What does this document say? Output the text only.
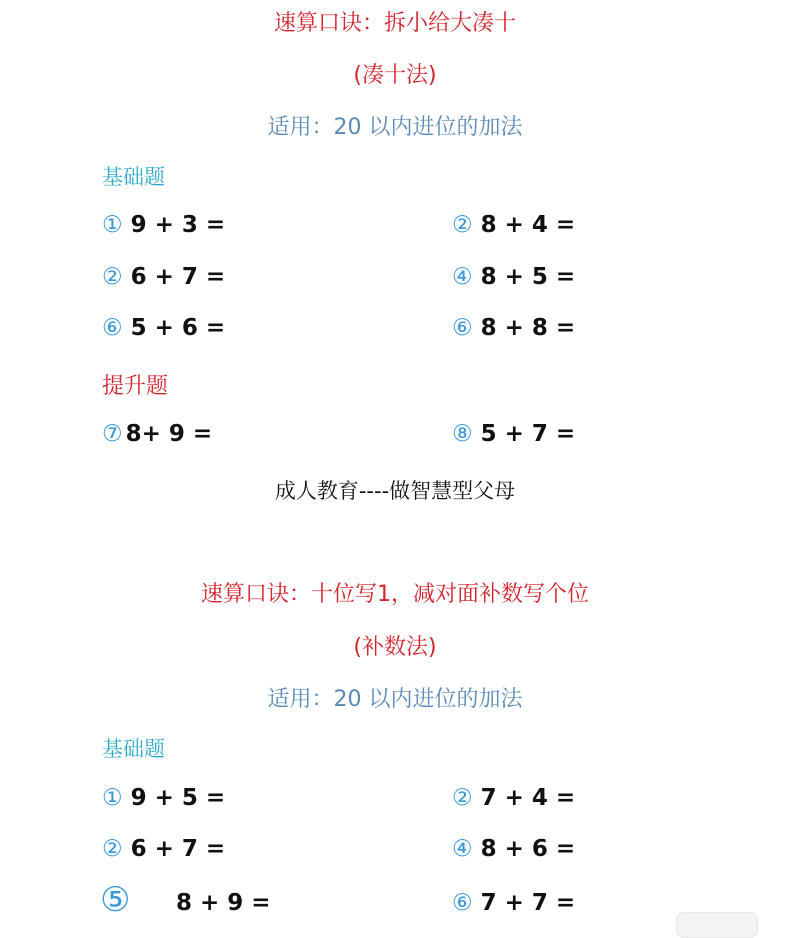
速算口诀：拆小给大凑十
(凑十法)
适用：20 以内进位的加法
基础题
① 9 + 3 =	② 8 + 4 =
② 6 + 7 =	④ 8 + 5 =
⑥ 5 + 6 =	⑥ 8 + 8 =
提升题
⑦ 8+ 9 =	⑧ 5 + 7 =
成人教育----做智慧型父母
速算口诀：十位写1，减对面补数写个位
(补数法)
适用：20 以内进位的加法
基础题
① 9 + 5 =	② 7 + 4 =
② 6 + 7 =	④ 8 + 6 =
⑤ 8 + 9 =	⑥ 7 + 7 =
